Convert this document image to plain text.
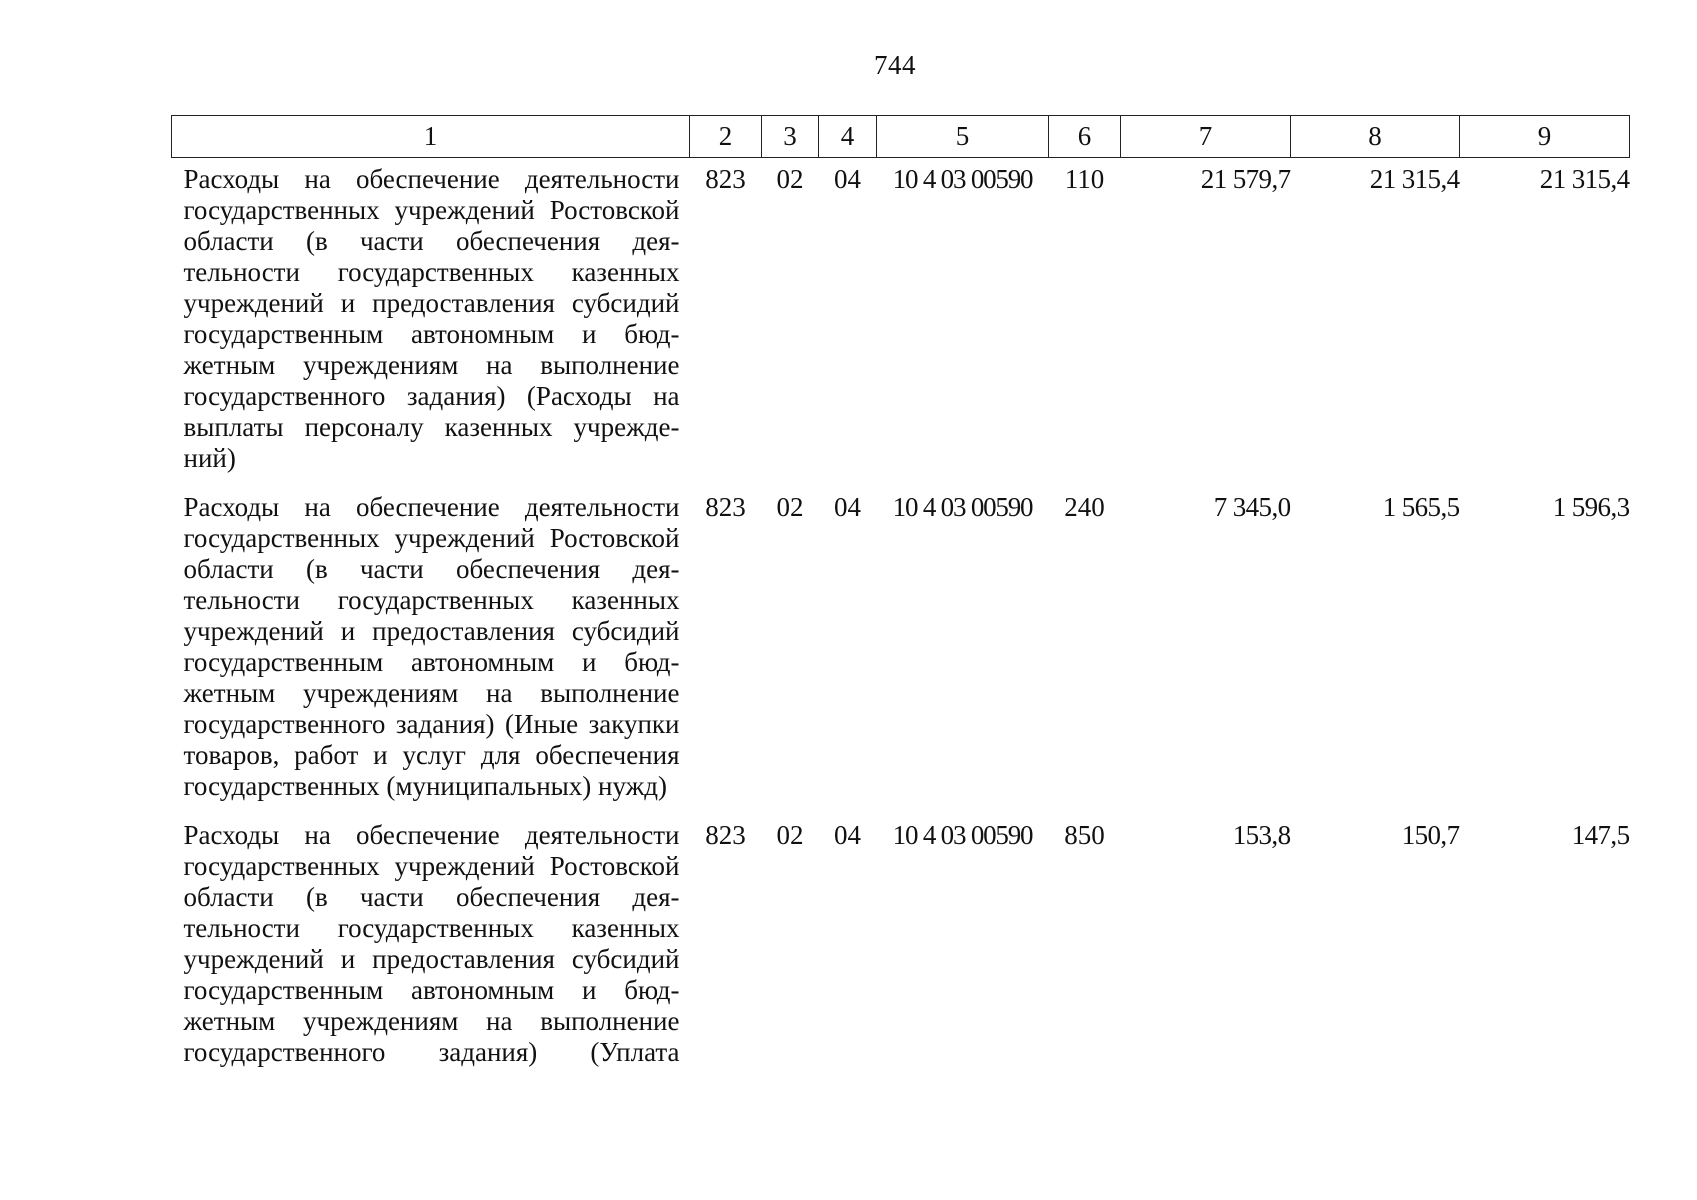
744
1	2	3	4	5	6	7	8	9
Расходы на обеспечение деятельности государственных учреждений Ростовской области (в части обеспечения деятельности государственных казенных учреждений и предоставления субсидий государственным автономным и бюджетным учреждениям на выполнение государственного задания) (Расходы на выплаты персоналу казенных учреждений)	823	02	04	10 4 03 00590	110	21 579,7	21 315,4	21 315,4
Расходы на обеспечение деятельности государственных учреждений Ростовской области (в части обеспечения деятельности государственных казенных учреждений и предоставления субсидий государственным автономным и бюджетным учреждениям на выполнение государственного задания) (Иные закупки товаров, работ и услуг для обеспечения государственных (муниципальных) нужд)	823	02	04	10 4 03 00590	240	7 345,0	1 565,5	1 596,3
Расходы на обеспечение деятельности государственных учреждений Ростовской области (в части обеспечения деятельности государственных казенных учреждений и предоставления субсидий государственным автономным и бюджетным учреждениям на выполнение государственного задания) (Уплата	823	02	04	10 4 03 00590	850	153,8	150,7	147,5
